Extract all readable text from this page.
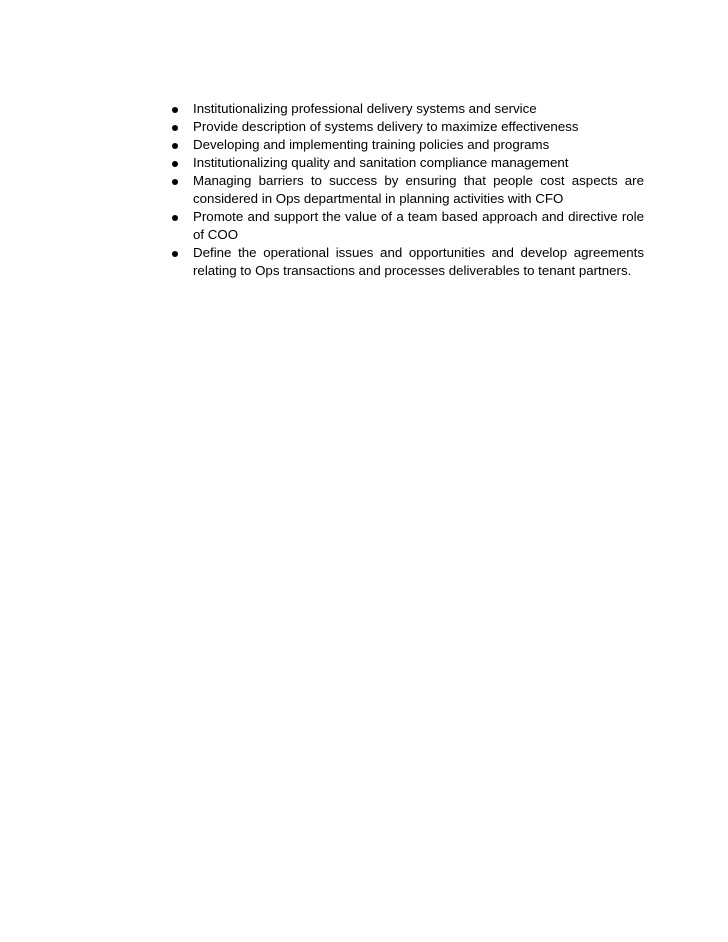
Institutionalizing professional delivery systems and service
Provide description of systems delivery to maximize effectiveness
Developing and implementing training policies and programs
Institutionalizing quality and sanitation compliance management
Managing barriers to success by ensuring that people cost aspects are considered in Ops departmental in planning activities with CFO
Promote and support the value of a team based approach and directive role of COO
Define the operational issues and opportunities and develop agreements relating to Ops transactions and processes deliverables to tenant partners.
